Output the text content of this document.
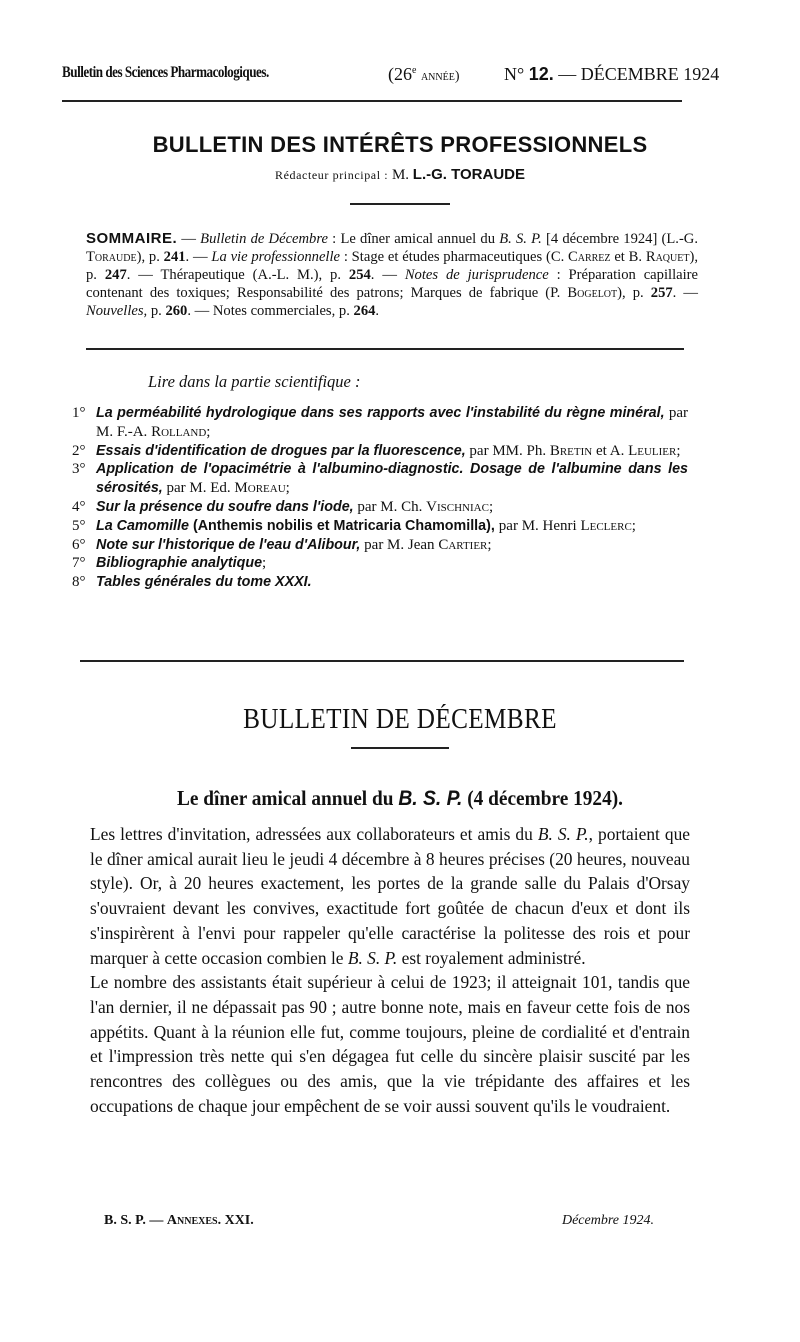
Bulletin des Sciences Pharmacologiques.	(26e année) N° 12. — DÉCEMBRE 1924
BULLETIN DES INTÉRÊTS PROFESSIONNELS
Rédacteur principal : M. L.-G. TORAUDE
SOMMAIRE. — Bulletin de Décembre : Le dîner amical annuel du B. S. P. [4 décembre 1924] (L.-G. Toraude), p. 241. — La vie professionnelle : Stage et études pharmaceutiques (C. Carrez et B. Raquet), p. 247. — Thérapeutique (A.-L. M.), p. 254. — Notes de jurisprudence : Préparation capillaire contenant des toxiques; Responsabilité des patrons; Marques de fabrique (P. Bogelot), p. 257. — Nouvelles, p. 260. — Notes commerciales, p. 264.
Lire dans la partie scientifique :
1° La perméabilité hydrologique dans ses rapports avec l'instabilité du règne minéral, par M. F.-A. Rolland;
2° Essais d'identification de drogues par la fluorescence, par MM. Ph. Bretin et A. Leulier;
3° Application de l'opacimétrie à l'albumino-diagnostic. Dosage de l'albumine dans les sérosités, par M. Ed. Moreau;
4° Sur la présence du soufre dans l'iode, par M. Ch. Vischniac;
5° La Camomille (Anthemis nobilis et Matricaria Chamomilla), par M. Henri Leclerc;
6° Note sur l'historique de l'eau d'Alibour, par M. Jean Cartier;
7° Bibliographie analytique;
8° Tables générales du tome XXXI.
BULLETIN DE DÉCEMBRE
Le dîner amical annuel du B. S. P. (4 décembre 1924).

Les lettres d'invitation, adressées aux collaborateurs et amis du B. S. P., portaient que le dîner amical aurait lieu le jeudi 4 décembre à 8 heures précises (20 heures, nouveau style). Or, à 20 heures exactement, les portes de la grande salle du Palais d'Orsay s'ouvraient devant les convives, exactitude fort goûtée de chacun d'eux et dont ils s'inspirèrent à l'envi pour rappeler qu'elle caractérise la politesse des rois et pour marquer à cette occasion combien le B. S. P. est royalement administré.

Le nombre des assistants était supérieur à celui de 1923; il atteignait 101, tandis que l'an dernier, il ne dépassait pas 90 ; autre bonne note, mais en faveur cette fois de nos appétits. Quant à la réunion elle fut, comme toujours, pleine de cordialité et d'entrain et l'impression très nette qui s'en dégagea fut celle du sincère plaisir suscité par les rencontres des collègues ou des amis, que la vie trépidante des affaires et les occupations de chaque jour empêchent de se voir aussi souvent qu'ils le voudraient.

B. S. P. — Annexes. XXI.	Décembre 1924.
